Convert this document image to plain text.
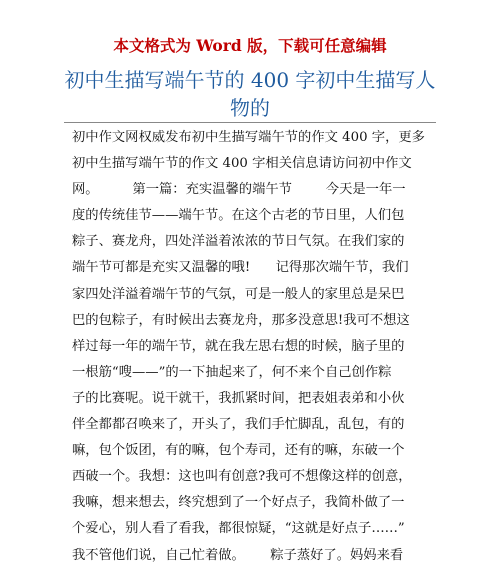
本文格式为 Word 版，下载可任意编辑
初中生描写端午节的 400 字初中生描写人
物的
初中作文网权威发布初中生描写端午节的作文 400 字，更多
初中生描写端午节的作文 400 字相关信息请访问初中作文
网。        第一篇：充实温馨的端午节        今天是一年一
度的传统佳节——端午节。在这个古老的节日里，人们包
粽子、赛龙舟，四处洋溢着浓浓的节日气氛。在我们家的
端午节可都是充实又温馨的哦!      记得那次端午节，我们
家四处洋溢着端午节的气氛，可是一般人的家里总是呆巴
巴的包粽子，有时候出去赛龙舟，那多没意思!我可不想这
样过每一年的端午节，就在我左思右想的时候，脑子里的
一根筋“嗖——”的一下抽起来了，何不来个自己创作粽
子的比赛呢。说干就干，我抓紧时间，把表姐表弟和小伙
伴全都都召唤来了，开头了，我们手忙脚乱，乱包，有的
嘛，包个饭团，有的嘛，包个寿司，还有的嘛，东破一个
西破一个。我想：这也叫有创意?我可不想像这样的创意，
我嘛，想来想去，终究想到了一个好点子，我简朴做了一
个爱心，别人看了看我，都很惊疑，“这就是好点子……”
我不管他们说，自己忙着做。      粽子蒸好了。妈妈来看
